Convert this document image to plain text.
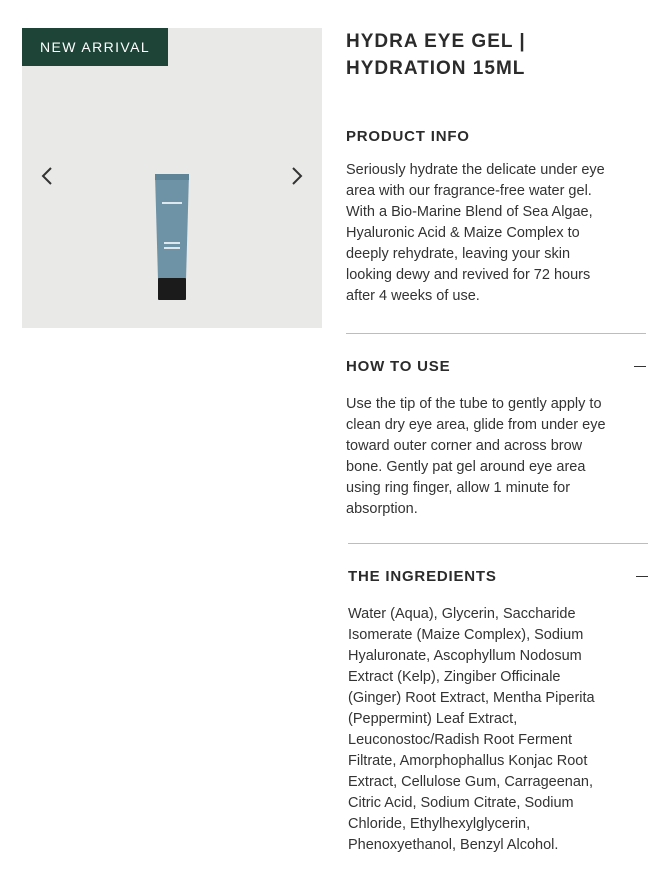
NEW ARRIVAL	HYDRA EYE GEL |
HYDRATION 15ML
PRODUCT INFO

Seriously hydrate the delicate under eye

area with our fragrance-free water gel.

With a Bio-Marine Blend of Sea Algae,

Hyaluronic Acid & Maize Complex to

deeply rehydrate, leaving your skin

looking dewy and revived for 72 hours

after 4 weeks of use.

HOW TO USE

Use the tip of the tube to gently apply to

clean dry eye area, glide from under eye

toward outer corner and across brow

bone. Gently pat gel around eye area

using ring finger, allow 1 minute for

absorption.

THE INGREDIENTS

Water (Aqua), Glycerin, Saccharide

Isomerate (Maize Complex), Sodium

Hyaluronate, Ascophyllum Nodosum

Extract (Kelp), Zingiber Officinale

(Ginger) Root Extract, Mentha Piperita

(Peppermint) Leaf Extract,

Leuconostoc/Radish Root Ferment

Filtrate, Amorphophallus Konjac Root

Extract, Cellulose Gum, Carrageenan,

Citric Acid, Sodium Citrate, Sodium

Chloride, Ethylhexylglycerin,

Phenoxyethanol, Benzyl Alcohol.
